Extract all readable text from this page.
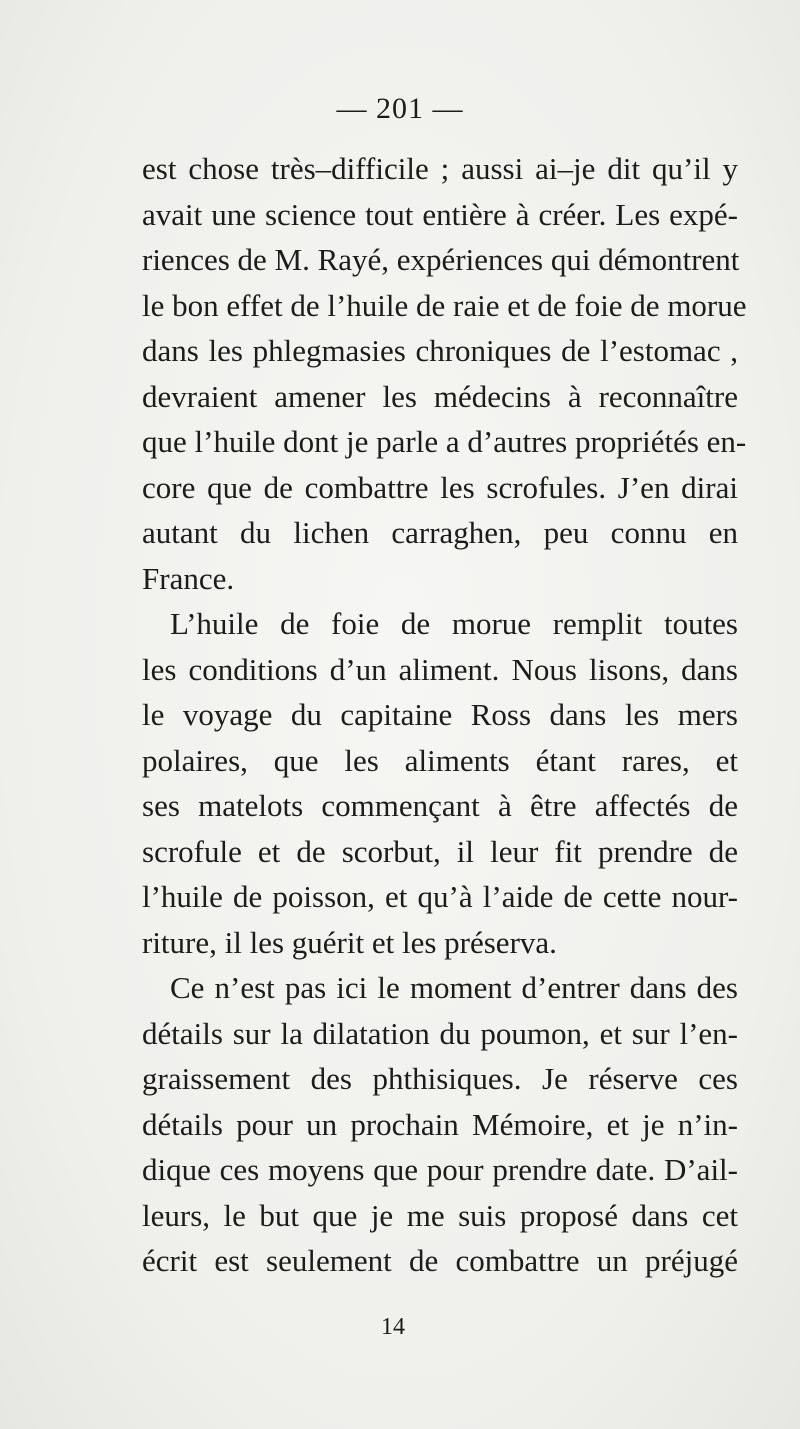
— 201 —
est chose très–difficile ; aussi ai–je dit qu’il y
avait une science tout entière à créer. Les expé-
riences de M. Rayé, expériences qui démontrent
le bon effet de l’huile de raie et de foie de morue
dans les phlegmasies chroniques de l’estomac ,
devraient amener les médecins à reconnaître
que l’huile dont je parle a d’autres propriétés en-
core que de combattre les scrofules. J’en dirai
autant du lichen carraghen, peu connu en
France.
L’huile de foie de morue remplit toutes
les conditions d’un aliment. Nous lisons, dans
le voyage du capitaine Ross dans les mers
polaires, que les aliments étant rares, et
ses matelots commençant à être affectés de
scrofule et de scorbut, il leur fit prendre de
l’huile de poisson, et qu’à l’aide de cette nour-
riture, il les guérit et les préserva.
Ce n’est pas ici le moment d’entrer dans des
détails sur la dilatation du poumon, et sur l’en-
graissement des phthisiques. Je réserve ces
détails pour un prochain Mémoire, et je n’in-
dique ces moyens que pour prendre date. D’ail-
leurs, le but que je me suis proposé dans cet
écrit est seulement de combattre un préjugé
14
